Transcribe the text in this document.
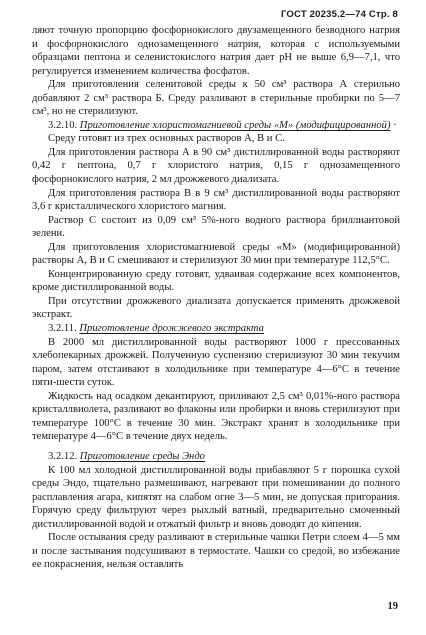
ГОСТ 20235.2—74 Стр. 8

ляют точную пропорцию фосфорнокислого двузамещенного безводного натрия и фосфорнокислого однозамещенного натрия, которая с используемыми образцами пептона и селенистокислого натрия дает pH не выше 6,9—7,1, что регулируется изменением количества фосфатов.

Для приготовления селенитовой среды к 50 см³ раствора А стерильно добавляют 2 см³ раствора Б. Среду разливают в стерильные пробирки по 5—7 см³, но не стерилизуют.

3.2.10. Приготовление хлористомагниевой среды «М» (модифицированной) ·

Среду готовят из трех основных растворов А, В и С.

Для приготовления раствора А в 90 см³ дистиллированной воды растворяют 0,42 г пептона, 0,7 г хлористого натрия, 0,15 г однозамещенного фосфорнокислого натрия, 2 мл дрожжевого диализата.

Для приготовления раствора В в 9 см³ дистиллированной воды растворяют 3,6 г кристаллического хлористого магния.

Раствор С состоит из 0,09 см³ 5%-ного водного раствора бриллиантовой зелени.

Для приготовления хлористомагниевой среды «М» (модифицированной) растворы А, В и С смешивают и стерилизуют 30 мин при температуре 112,5°С.

Концентрированную среду готовят, удваивая содержание всех компонентов, кроме дистиллированной воды.

При отсутствии дрожжевого диализата допускается применять дрожжевой экстракт.

3.2.11. Приготовление дрожжевого экстракта

В 2000 мл дистиллированной воды растворяют 1000 г прессованных хлебопекарных дрожжей. Полученную суспензию стерилизуют 30 мин текучим паром, затем отстаивают в холодильнике при температуре 4—6°С в течение пяти-шести суток.

Жидкость над осадком декантируют, приливают 2,5 см³ 0,01%-ного раствора кристаллвиолета, разливают во флаконы или пробирки и вновь стерилизуют при температуре 100°С в течение 30 мин. Экстракт хранят в холодильнике при температуре 4—6°С в течение двух недель.

3.2.12. Приготовление среды Эндо

К 100 мл холодной дистиллированной воды прибавляют 5 г порошка сухой среды Эндо, тщательно размешивают, нагревают при помешивании до полного расплавления агара, кипятят на слабом огне 3—5 мин, не допуская пригорания. Горячую среду фильтруют через рыхлый ватный, предварительно смоченный дистиллированной водой и отжатый фильтр и вновь доводят до кипения.

После остывания среду разливают в стерильные чашки Петри слоем 4—5 мм и после застывания подсушивают в термостате. Чашки со средой, во избежание ее покраснения, нельзя оставлять

19
